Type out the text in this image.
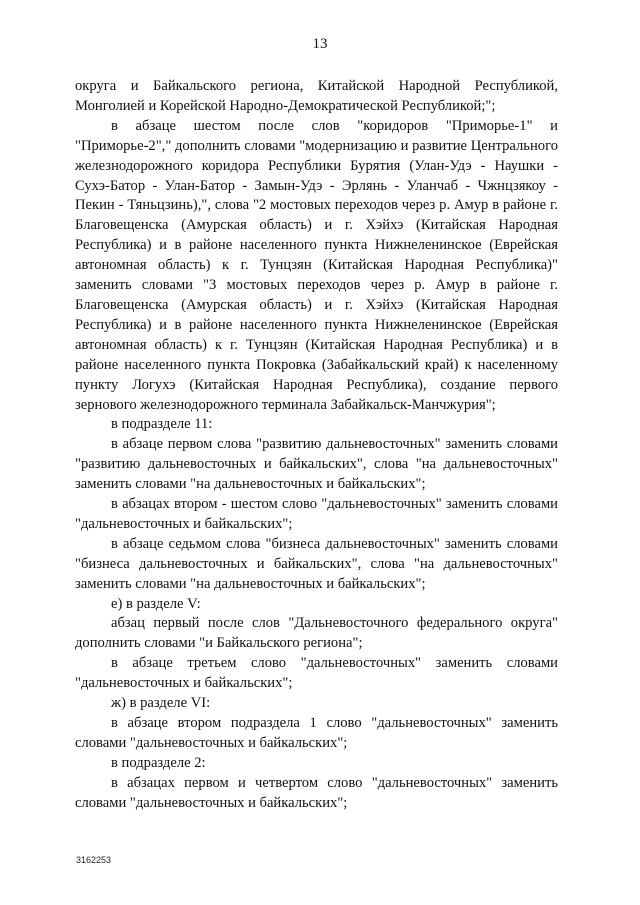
13

округа и Байкальского региона, Китайской Народной Республикой, Монголией и Корейской Народно-Демократической Республикой;";

в абзаце шестом после слов "коридоров "Приморье-1" и "Приморье-2"," дополнить словами "модернизацию и развитие Центрального железнодорожного коридора Республики Бурятия (Улан-Удэ - Наушки - Сухэ-Батор - Улан-Батор - Замын-Удэ - Эрлянь - Уланчаб - Чжнцзякоу - Пекин - Тяньцзинь),", слова "2 мостовых переходов через р. Амур в районе г. Благовещенска (Амурская область) и г. Хэйхэ (Китайская Народная Республика) и в районе населенного пункта Нижнеленинское (Еврейская автономная область) к г. Тунцзян (Китайская Народная Республика)" заменить словами "3 мостовых переходов через р. Амур в районе г. Благовещенска (Амурская область) и г. Хэйхэ (Китайская Народная Республика) и в районе населенного пункта Нижнеленинское (Еврейская автономная область) к г. Тунцзян (Китайская Народная Республика) и в районе населенного пункта Покровка (Забайкальский край) к населенному пункту Логухэ (Китайская Народная Республика), создание первого зернового железнодорожного терминала Забайкальск-Манчжурия";

в подразделе 11:

в абзаце первом слова "развитию дальневосточных" заменить словами "развитию дальневосточных и байкальских", слова "на дальневосточных" заменить словами "на дальневосточных и байкальских";

в абзацах втором - шестом слово "дальневосточных" заменить словами "дальневосточных и байкальских";

в абзаце седьмом слова "бизнеса дальневосточных" заменить словами "бизнеса дальневосточных и байкальских", слова "на дальневосточных" заменить словами "на дальневосточных и байкальских";

е) в разделе V:

абзац первый после слов "Дальневосточного федерального округа" дополнить словами "и Байкальского региона";

в абзаце третьем слово "дальневосточных" заменить словами "дальневосточных и байкальских";

ж) в разделе VI:

в абзаце втором подраздела 1 слово "дальневосточных" заменить словами "дальневосточных и байкальских";

в подразделе 2:

в абзацах первом и четвертом слово "дальневосточных" заменить словами "дальневосточных и байкальских";

3162253
